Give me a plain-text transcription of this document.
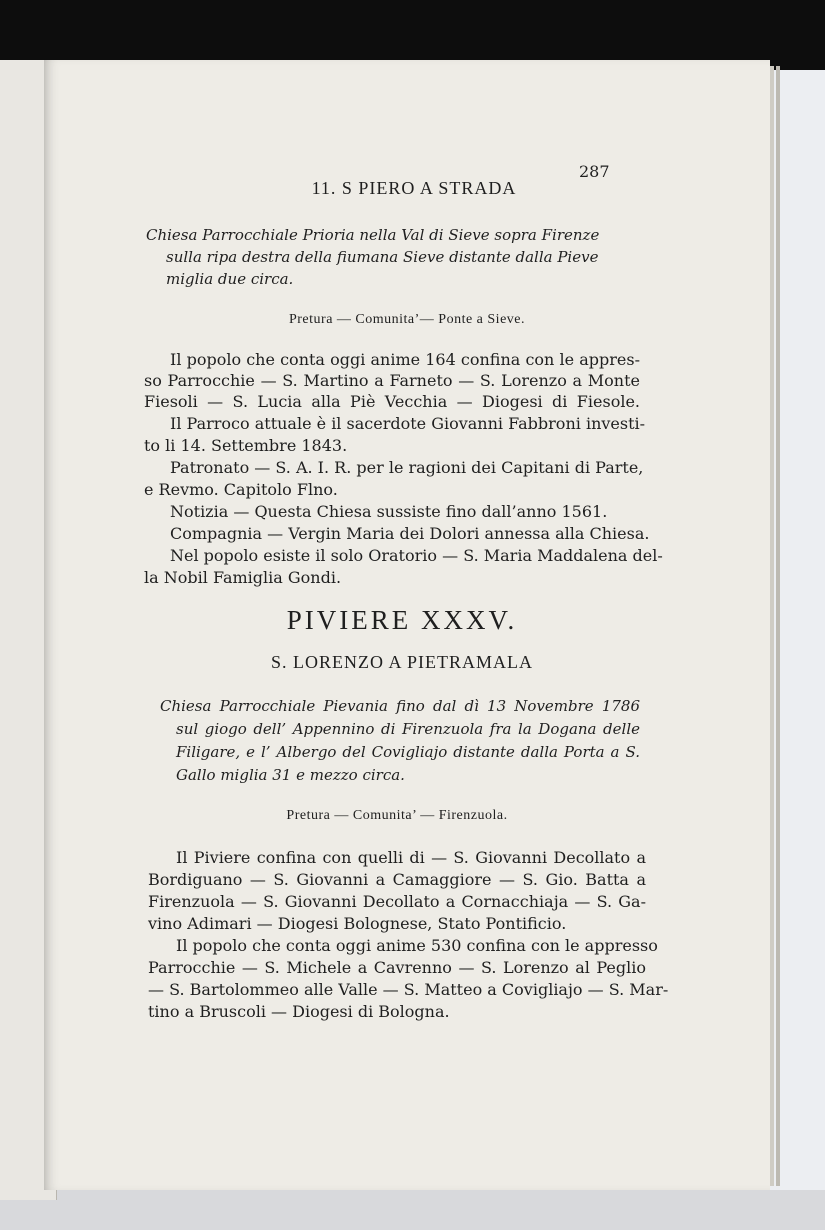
287
11. S PIERO A STRADA
Chiesa Parrocchiale Prioria nella Val di Sieve sopra Firenze
sulla ripa destra della fiumana Sieve distante dalla Pieve
miglia due circa.
Pretura — Comunita’— Ponte a Sieve.
Il popolo che conta oggi anime 164 confina con le appres-
so Parrocchie — S. Martino a Farneto — S. Lorenzo a Monte
Fiesoli — S. Lucia alla Piè Vecchia — Diogesi di Fiesole.
Il Parroco attuale è il sacerdote Giovanni Fabbroni investi-
to li 14. Settembre 1843.
Patronato — S. A. I. R. per le ragioni dei Capitani di Parte,
e Revmo. Capitolo Flno.
Notizia — Questa Chiesa sussiste fino dall’anno 1561.
Compagnia — Vergin Maria dei Dolori annessa alla Chiesa.
Nel popolo esiste il solo Oratorio — S. Maria Maddalena del-
la Nobil Famiglia Gondi.
PIVIERE XXXV.
S. LORENZO A PIETRAMALA
Chiesa Parrocchiale Pievania fino dal dì 13 Novembre 1786
sul giogo dell’ Appennino di Firenzuola fra la Dogana delle
Filigare, e l’ Albergo del Covigliajo distante dalla Porta a S.
Gallo miglia 31 e mezzo circa.
Pretura — Comunita’ — Firenzuola.
Il Piviere confina con quelli di — S. Giovanni Decollato a
Bordiguano — S. Giovanni a Camaggiore — S. Gio. Batta a
Firenzuola — S. Giovanni Decollato a Cornacchiaja — S. Ga-
vino Adimari — Diogesi Bolognese, Stato Pontificio.
Il popolo che conta oggi anime 530 confina con le appresso
Parrocchie — S. Michele a Cavrenno — S. Lorenzo al Peglio
— S. Bartolommeo alle Valle — S. Matteo a Covigliajo — S. Mar-
tino a Bruscoli — Diogesi di Bologna.
